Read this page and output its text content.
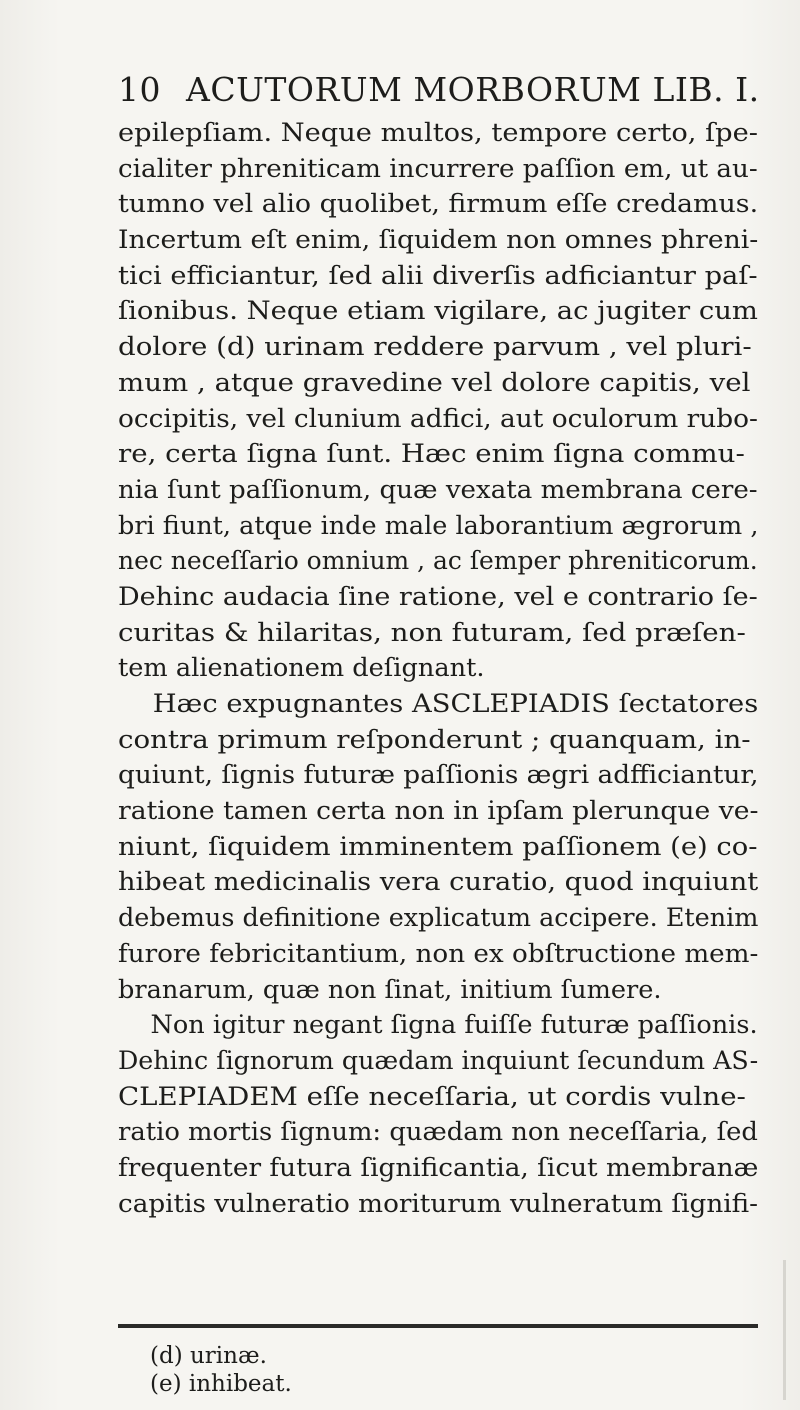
10 ACUTORUM MORBORUM LIB. I.
epilepſiam. Neque multos, tempore certo, ſpe-
cialiter phreniticam incurrere paſſion em, ut au-
tumno vel alio quolibet, firmum eſſe credamus.
Incertum eſt enim, ſiquidem non omnes phreni-
tici efficiantur, ſed alii diverſis adficiantur paſ-
ſionibus. Neque etiam vigilare, ac jugiter cum
dolore (d) urinam reddere parvum , vel pluri-
mum , atque gravedine vel dolore capitis, vel
occipitis, vel clunium adfici, aut oculorum rubo-
re, certa ſigna ſunt. Hæc enim ſigna commu-
nia ſunt paſſionum, quæ vexata membrana cere-
bri fiunt, atque inde male laborantium ægrorum ,
nec neceſſario omnium , ac ſemper phreniticorum.
Dehinc audacia ſine ratione, vel e contrario ſe-
curitas & hilaritas, non futuram, ſed præſen-
tem alienationem deſignant.
Hæc expugnantes ASCLEPIADIS ſectatores
contra primum reſponderunt ; quanquam, in-
quiunt, ſignis futuræ paſſionis ægri adfficiantur,
ratione tamen certa non in ipſam plerunque ve-
niunt, ſiquidem imminentem paſſionem (e) co-
hibeat medicinalis vera curatio, quod inquiunt
debemus definitione explicatum accipere. Etenim
furore febricitantium, non ex obſtructione mem-
branarum, quæ non ſinat, initium ſumere.
Non igitur negant ſigna fuiſſe futuræ paſſionis.
Dehinc ſignorum quædam inquiunt ſecundum AS-
CLEPIADEM eſſe neceſſaria, ut cordis vulne-
ratio mortis ſignum: quædam non neceſſaria, ſed
frequenter futura ſignificantia, ſicut membranæ
capitis vulneratio moriturum vulneratum ſignifi-
(d) urinæ.
(e) inhibeat.
